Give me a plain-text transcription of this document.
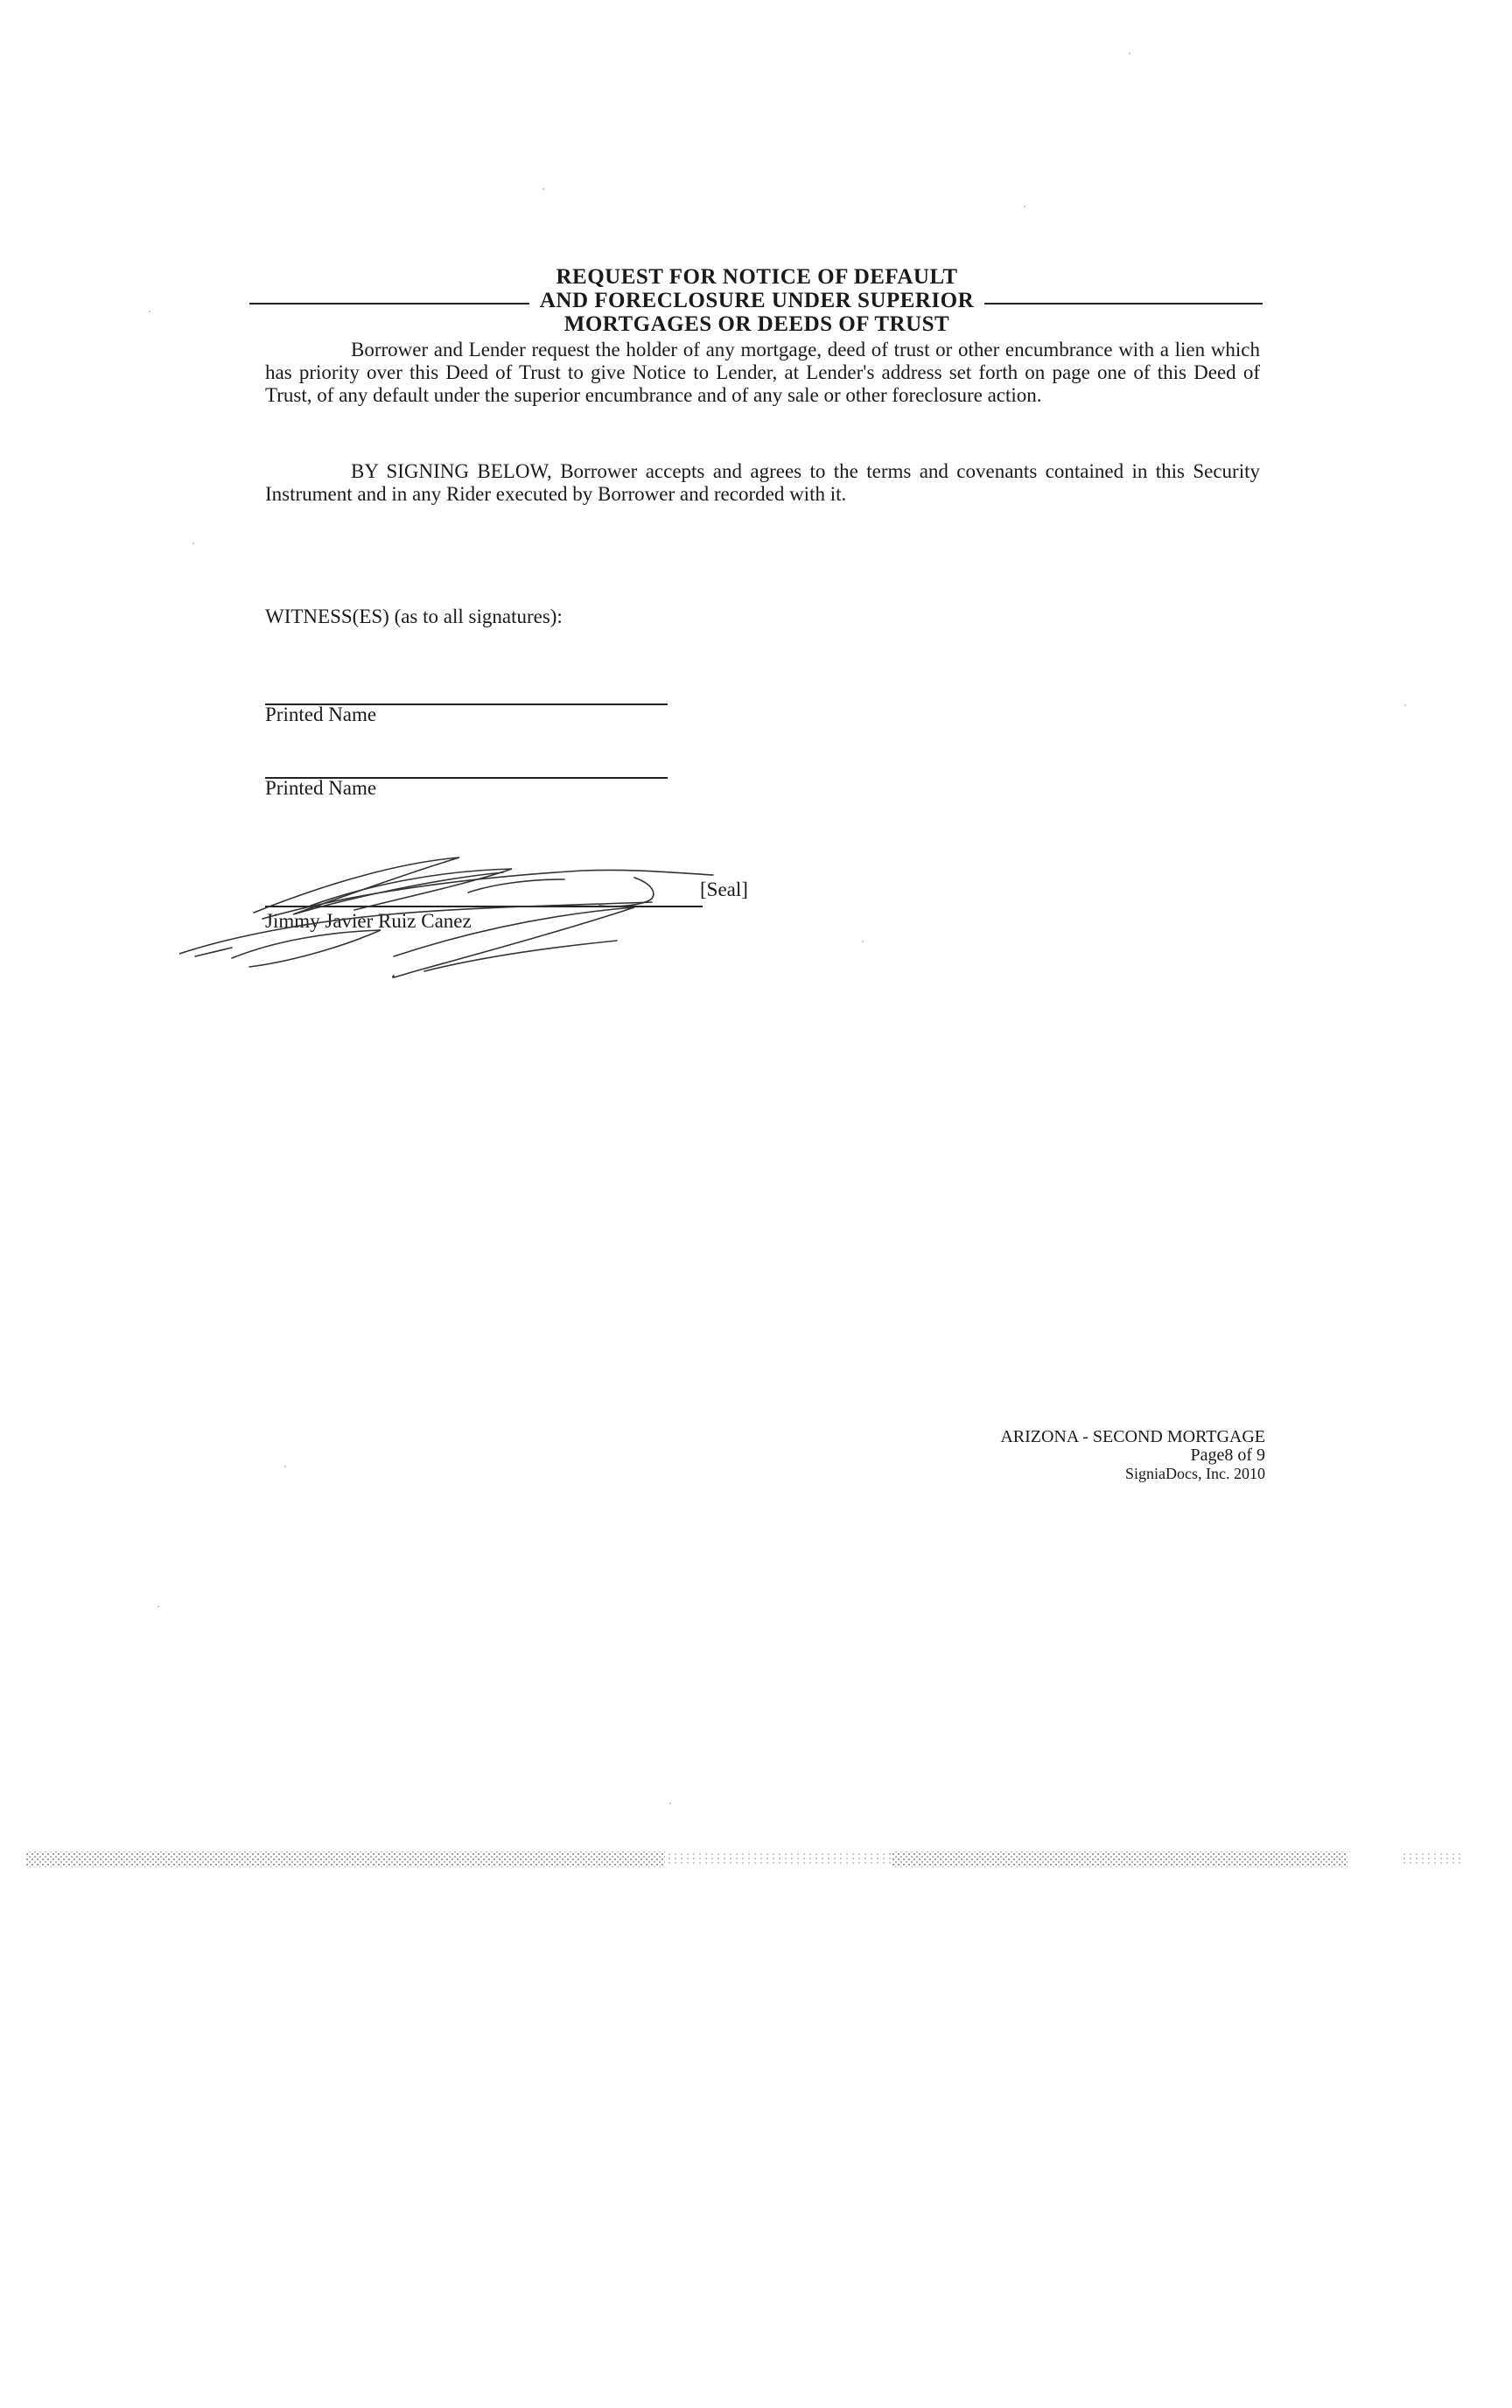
REQUEST FOR NOTICE OF DEFAULT
AND FORECLOSURE UNDER SUPERIOR
MORTGAGES OR DEEDS OF TRUST
Borrower and Lender request the holder of any mortgage, deed of trust or other encumbrance with a lien which has priority over this Deed of Trust to give Notice to Lender, at Lender's address set forth on page one of this Deed of Trust, of any default under the superior encumbrance and of any sale or other foreclosure action.
BY SIGNING BELOW, Borrower accepts and agrees to the terms and covenants contained in this Security Instrument and in any Rider executed by Borrower and recorded with it.
WITNESS(ES) (as to all signatures):
Printed Name
Printed Name
[Seal]
Jimmy Javier Ruiz Canez
ARIZONA - SECOND MORTGAGE
Page8 of 9
SigniaDocs, Inc. 2010
